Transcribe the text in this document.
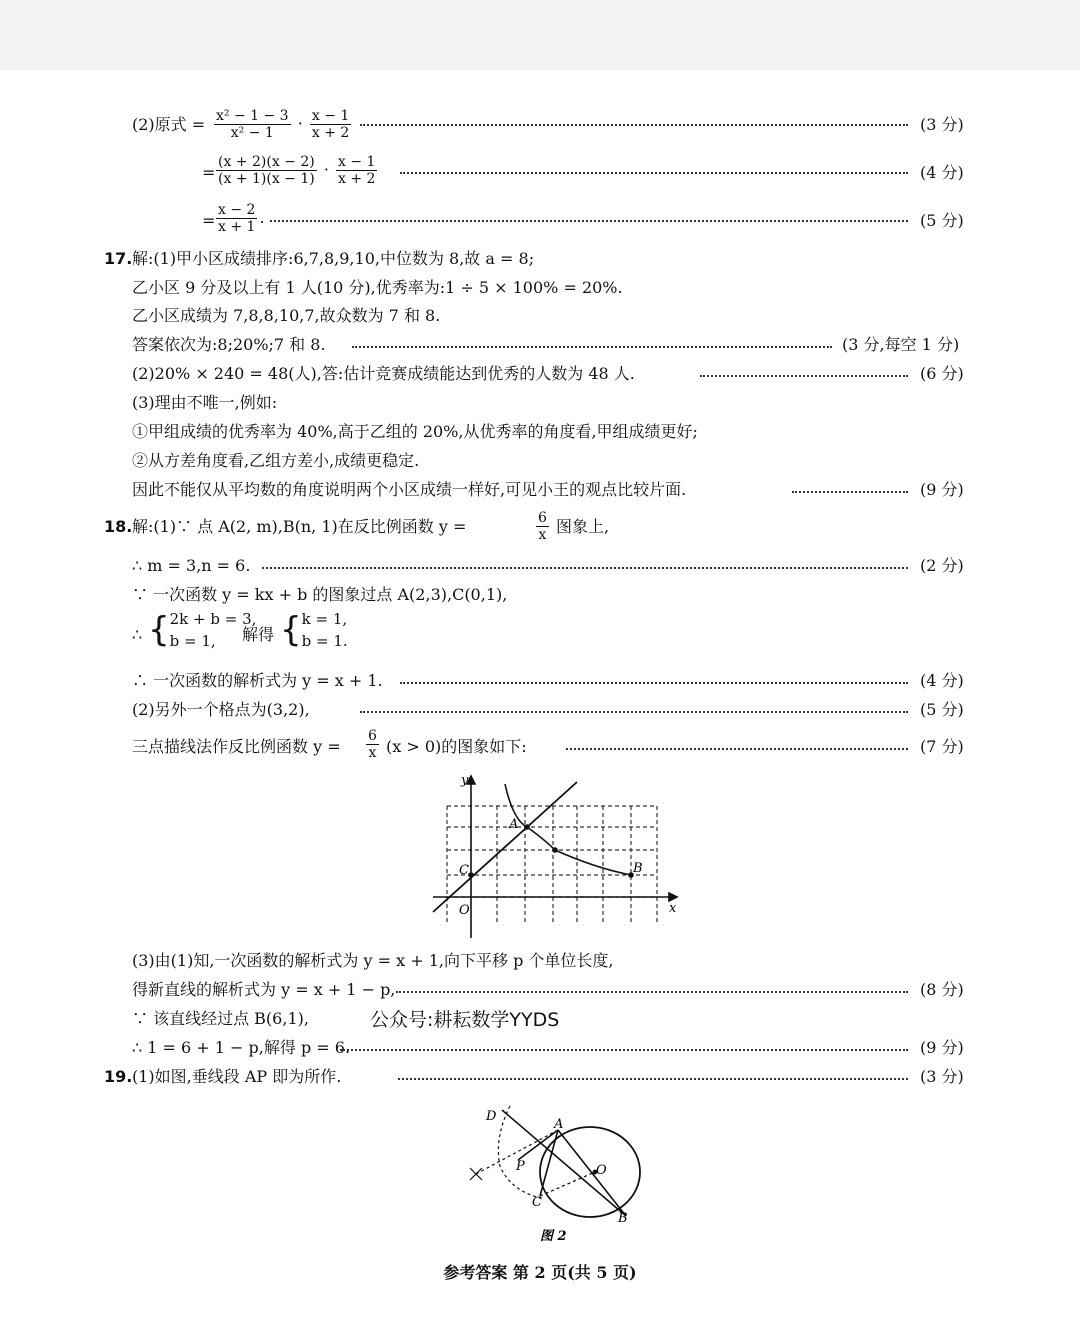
(2)原式 = $\frac{\text{x² − 1 − 3}}{\text{x² − 1}} \cdot \frac{x - 1}{x + 2}$	(3 分)
= $\frac{(x + 2)(x - 2)}{(x + 1)(x - 1)} \cdot \frac{x - 1}{x + 2}$	(4 分)
= $\frac{x - 2}{x + 1}$ .	(5 分)
17. 解:(1)甲小区成绩排序:6,7,8,9,10,中位数为 8,故 a = 8;
乙小区 9 分及以上有 1 人(10 分),优秀率为:1 ÷ 5 × 100% = 20%.
乙小区成绩为 7,8,8,10,7,故众数为 7 和 8.
答案依次为:8;20%;7 和 8.	(3 分,每空 1 分)
(2)20% × 240 = 48(人),答:估计竞赛成绩能达到优秀的人数为 48 人.	(6 分)
(3)理由不唯一,例如:
①甲组成绩的优秀率为 40%,高于乙组的 20%,从优秀率的角度看,甲组成绩更好;
②从方差角度看,乙组方差小,成绩更稳定.
因此不能仅从平均数的角度说明两个小区成绩一样好,可见小王的观点比较片面.	(9 分)
18. 解:(1)∵ 点 A(2, m),B(n, 1)在反比例函数 y =	$\frac{6}{x}$ 图象上,
∴ m = 3,n = 6.	(2 分)
∵ 一次函数 y = kx + b 的图象过点 A(2,3),C(0,1),
∴ {2k + b = 3,
b = 1,	解得 {k = 1,
b = 1.
∴ 一次函数的解析式为 y = x + 1.	(4 分)
(2)另外一个格点为(3,2),	(5 分)
三点描线法作反比例函数 $y = \frac{6}{x} (x > 0)$的图象如下:	(7 分)
y
x
O
A
B
C
(3)由(1)知,一次函数的解析式为 y = x + 1,向下平移 p 个单位长度,
得新直线的解析式为 y = x + 1 − p,	(8 分)
∵ 该直线经过点 B(6,1),	公众号:耕耘数学YYDS
∴ 1 = 6 + 1 − p,解得 p = 6.	(9 分)
19. (1)如图,垂线段 AP 即为所作.	(3 分)
D
A
P	O
C
B
图 2
参考答案 第 2 页(共 5 页)
